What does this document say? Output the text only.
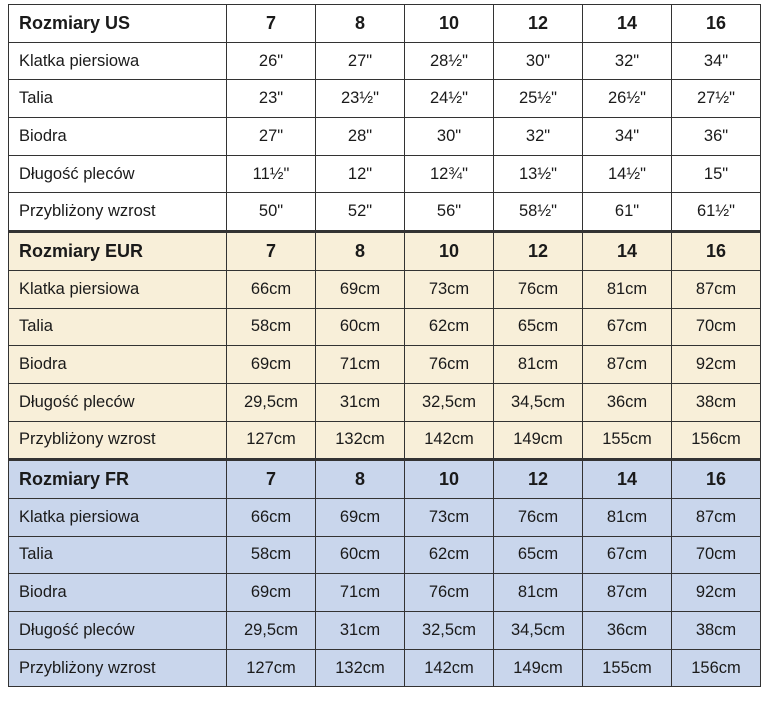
Rozmiary US	7	8	10	12	14	16
Klatka piersiowa	26"	27"	28½"	30"	32"	34"
Talia	23"	23½"	24½"	25½"	26½"	27½"
Biodra	27"	28"	30"	32"	34"	36"
Długość pleców	11½"	12"	12¾"	13½"	14½"	15"
Przybliżony wzrost	50"	52"	56"	58½"	61"	61½"
Rozmiary EUR	7	8	10	12	14	16
Klatka piersiowa	66cm	69cm	73cm	76cm	81cm	87cm
Talia	58cm	60cm	62cm	65cm	67cm	70cm
Biodra	69cm	71cm	76cm	81cm	87cm	92cm
Długość pleców	29,5cm	31cm	32,5cm	34,5cm	36cm	38cm
Przybliżony wzrost	127cm	132cm	142cm	149cm	155cm	156cm
Rozmiary FR	7	8	10	12	14	16
Klatka piersiowa	66cm	69cm	73cm	76cm	81cm	87cm
Talia	58cm	60cm	62cm	65cm	67cm	70cm
Biodra	69cm	71cm	76cm	81cm	87cm	92cm
Długość pleców	29,5cm	31cm	32,5cm	34,5cm	36cm	38cm
Przybliżony wzrost	127cm	132cm	142cm	149cm	155cm	156cm
